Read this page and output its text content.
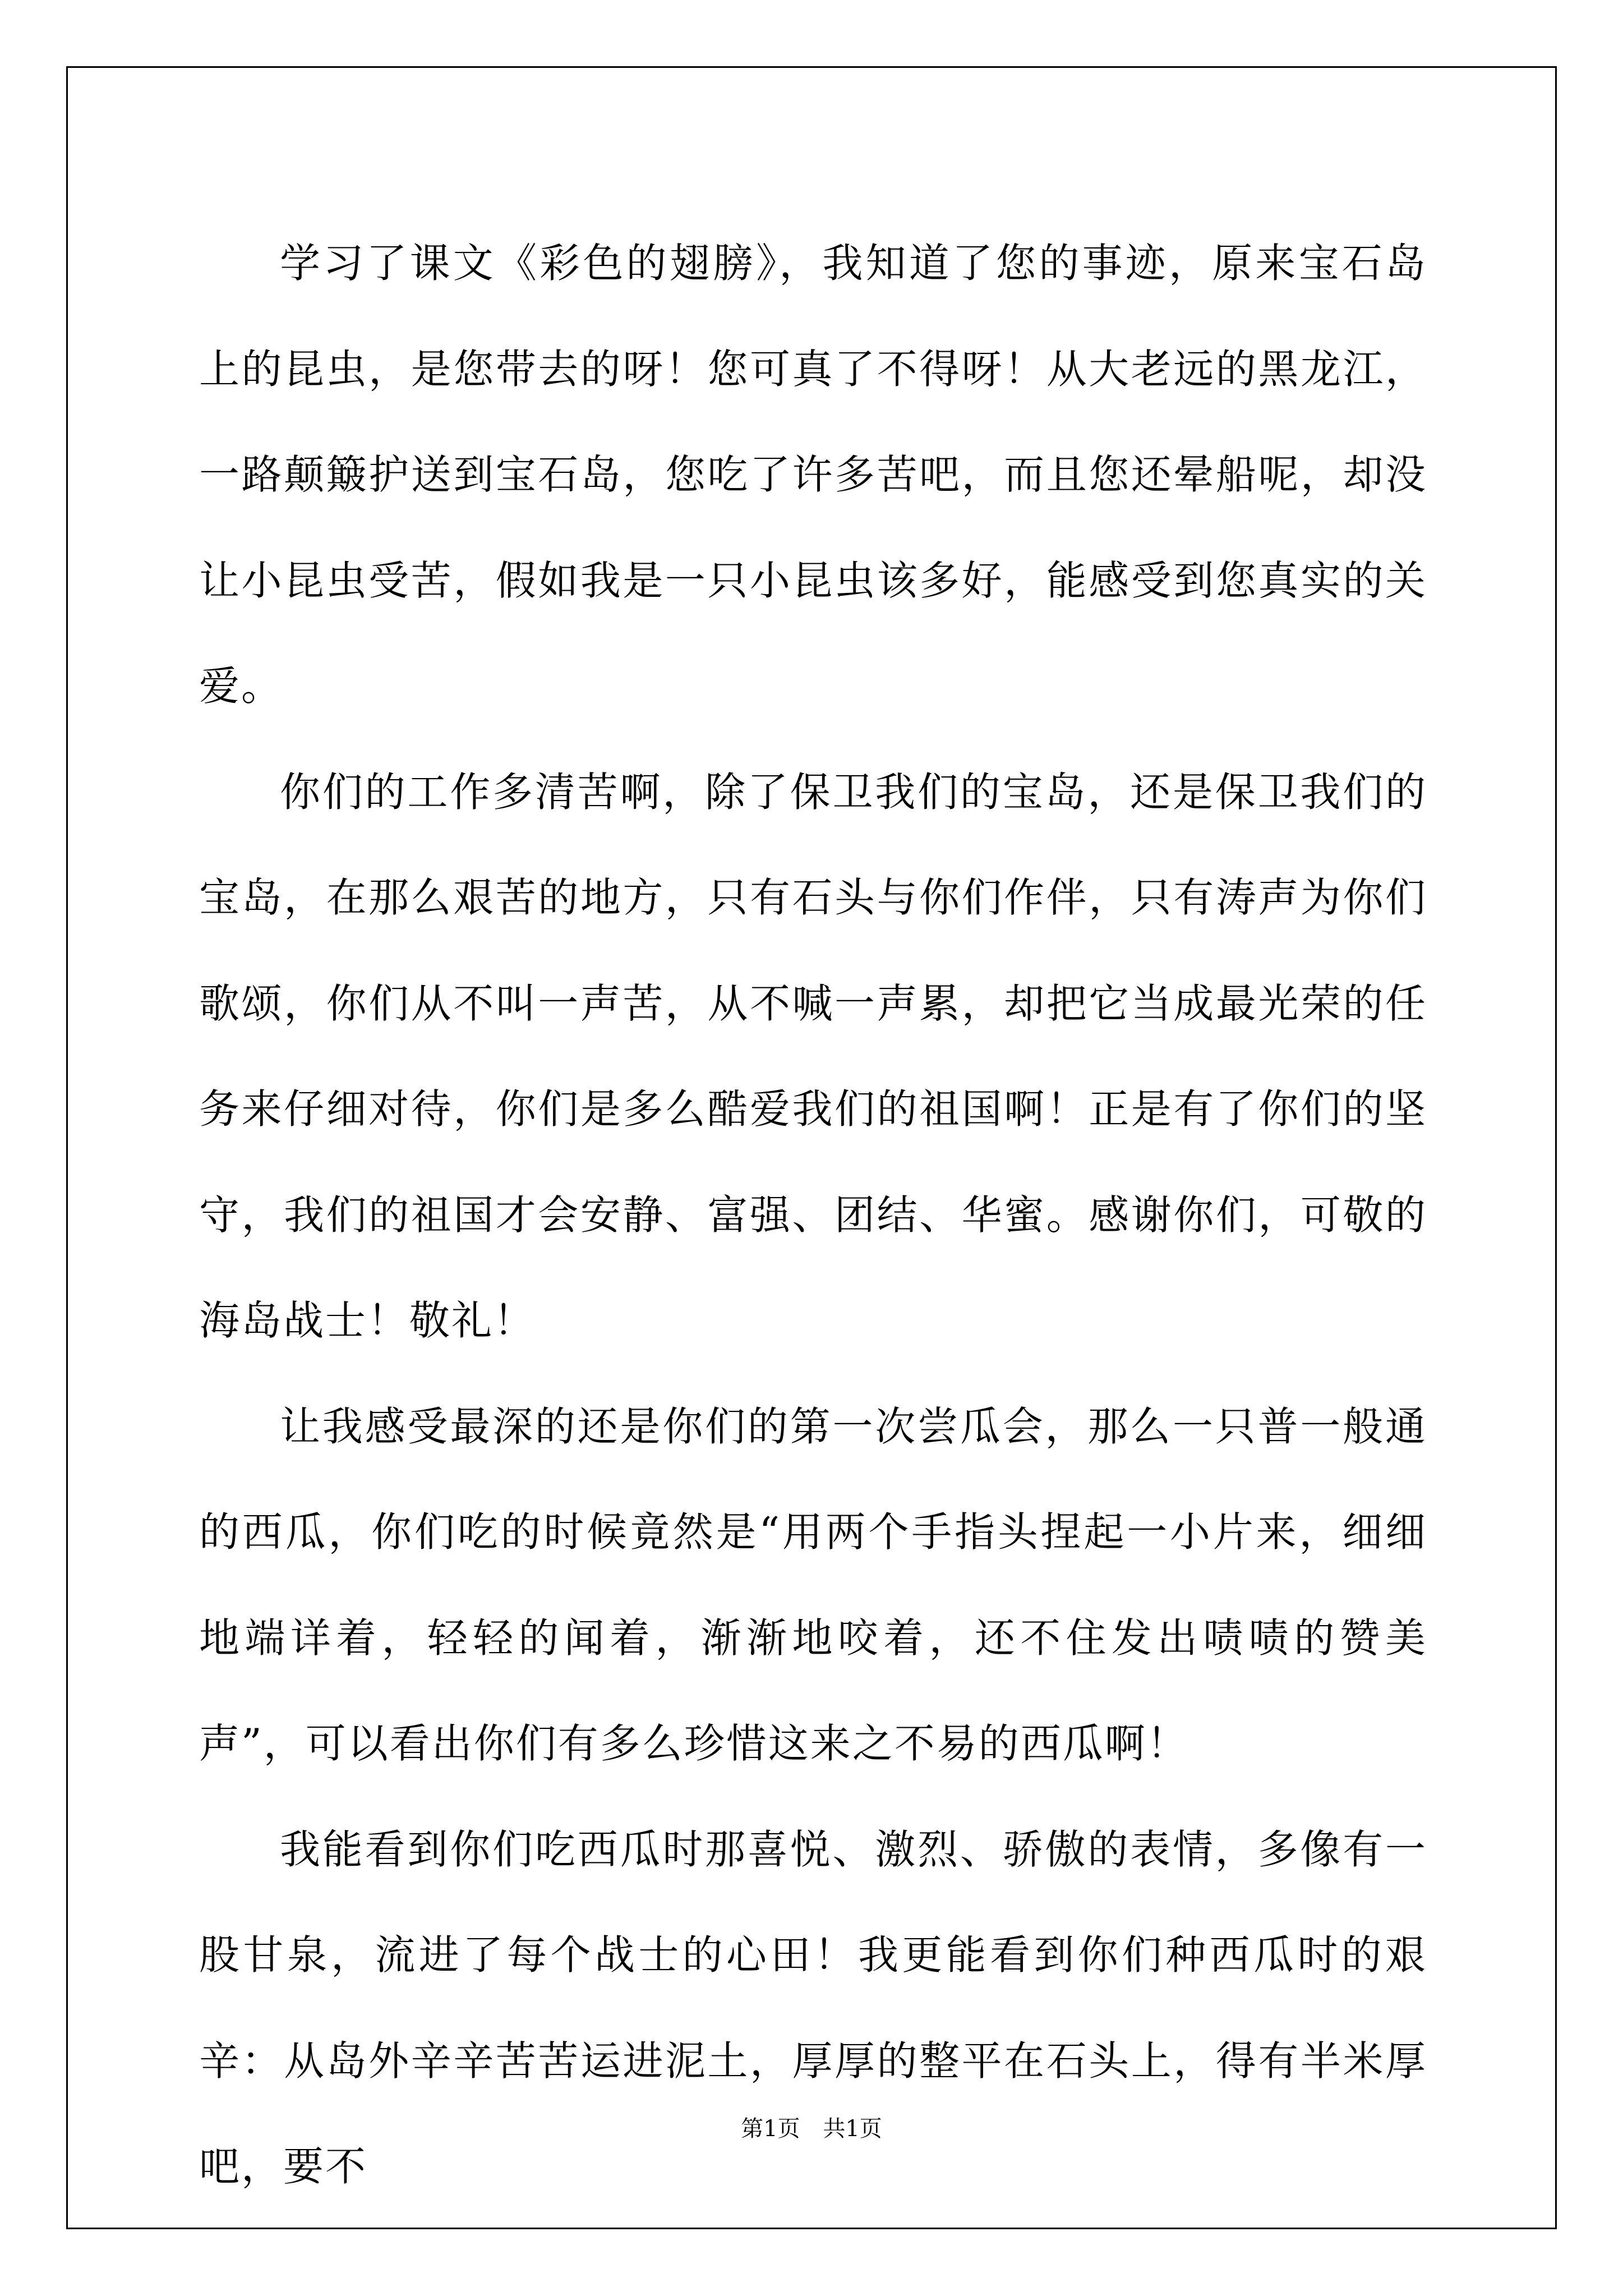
学习了课文《彩色的翅膀》，我知道了您的事迹，原来宝石岛上的昆虫，是您带去的呀！您可真了不得呀！从大老远的黑龙江，一路颠簸护送到宝石岛，您吃了许多苦吧，而且您还晕船呢，却没让小昆虫受苦，假如我是一只小昆虫该多好，能感受到您真实的关爱。

你们的工作多清苦啊，除了保卫我们的宝岛，还是保卫我们的宝岛，在那么艰苦的地方，只有石头与你们作伴，只有涛声为你们歌颂，你们从不叫一声苦，从不喊一声累，却把它当成最光荣的任务来仔细对待，你们是多么酷爱我们的祖国啊！正是有了你们的坚守，我们的祖国才会安静、富强、团结、华蜜。感谢你们，可敬的海岛战士！敬礼！

让我感受最深的还是你们的第一次尝瓜会，那么一只普一般通的西瓜，你们吃的时候竟然是“用两个手指头捏起一小片来，细细地端详着，轻轻的闻着，渐渐地咬着，还不住发出啧啧的赞美声”，可以看出你们有多么珍惜这来之不易的西瓜啊！

我能看到你们吃西瓜时那喜悦、激烈、骄傲的表情，多像有一股甘泉，流进了每个战士的心田！我更能看到你们种西瓜时的艰辛：从岛外辛辛苦苦运进泥土，厚厚的整平在石头上，得有半米厚吧，要不

第1页 共1页
